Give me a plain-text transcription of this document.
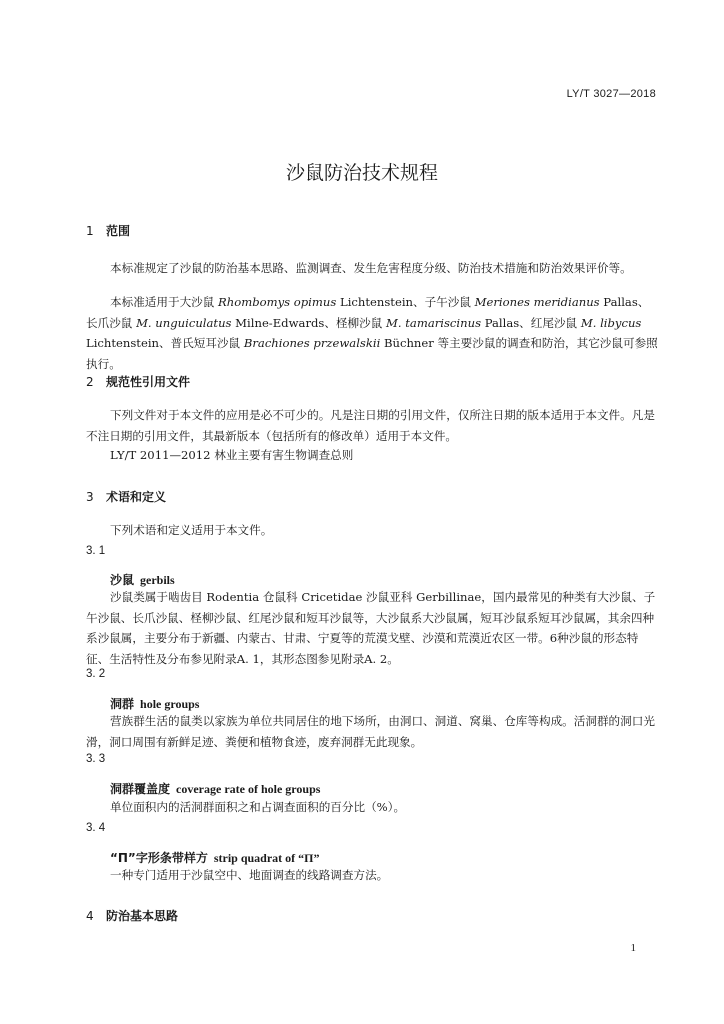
LY/T 3027—2018
沙鼠防治技术规程
1 范围
本标准规定了沙鼠的防治基本思路、监测调查、发生危害程度分级、防治技术措施和防治效果评价等。
本标准适用于大沙鼠 Rhombomys opimus Lichtenstein、子午沙鼠 Meriones meridianus Pallas、长爪沙鼠 M. unguiculatus Milne-Edwards、柽柳沙鼠 M. tamariscinus Pallas、红尾沙鼠 M. libycus Lichtenstein、普氏短耳沙鼠 Brachiones przewalskii Büchner 等主要沙鼠的调查和防治，其它沙鼠可参照执行。
2 规范性引用文件
下列文件对于本文件的应用是必不可少的。凡是注日期的引用文件，仅所注日期的版本适用于本文件。凡是不注日期的引用文件，其最新版本（包括所有的修改单）适用于本文件。
LY/T 2011—2012 林业主要有害生物调查总则
3 术语和定义
下列术语和定义适用于本文件。
3. 1
沙鼠 gerbils
沙鼠类属于啮齿目 Rodentia 仓鼠科 Cricetidae 沙鼠亚科 Gerbillinae，国内最常见的种类有大沙鼠、子午沙鼠、长爪沙鼠、柽柳沙鼠、红尾沙鼠和短耳沙鼠等，大沙鼠系大沙鼠属，短耳沙鼠系短耳沙鼠属，其余四种系沙鼠属，主要分布于新疆、内蒙古、甘肃、宁夏等的荒漠戈壁、沙漠和荒漠近农区一带。6种沙鼠的形态特征、生活特性及分布参见附录A. 1，其形态图参见附录A. 2。
3. 2
洞群 hole groups
营族群生活的鼠类以家族为单位共同居住的地下场所，由洞口、洞道、窝巢、仓库等构成。活洞群的洞口光滑，洞口周围有新鲜足迹、粪便和植物食迹，废弃洞群无此现象。
3. 3
洞群覆盖度 coverage rate of hole groups
单位面积内的活洞群面积之和占调查面积的百分比（%）。
3. 4
“Π”字形条带样方 strip quadrat of “Π”
一种专门适用于沙鼠空中、地面调查的线路调查方法。
4 防治基本思路
1
